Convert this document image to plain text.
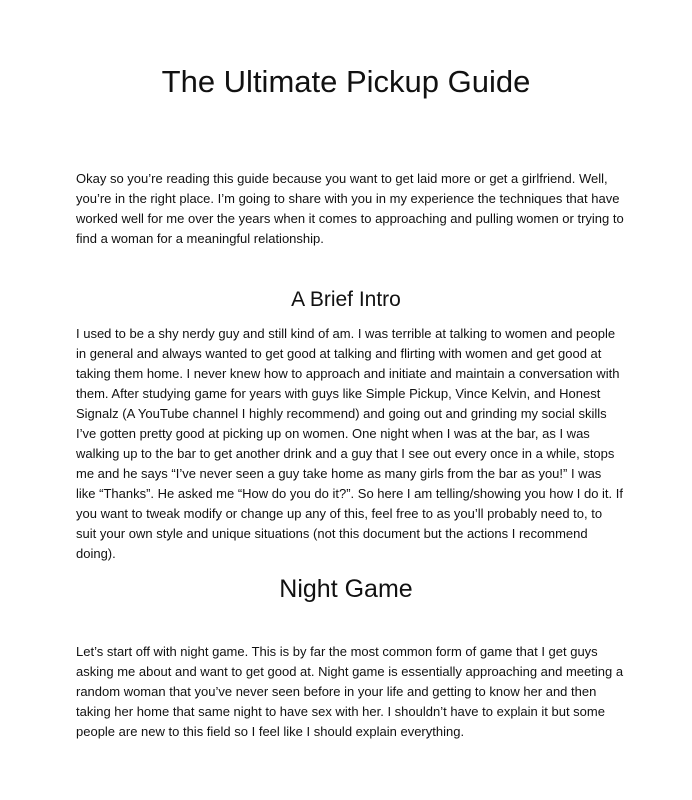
The Ultimate Pickup Guide

Okay so you’re reading this guide because you want to get laid more or get a girlfriend. Well, you’re in the right place. I’m going to share with you in my experience the techniques that have worked well for me over the years when it comes to approaching and pulling women or trying to find a woman for a meaningful relationship.

A Brief Intro

I used to be a shy nerdy guy and still kind of am. I was terrible at talking to women and people in general and always wanted to get good at talking and flirting with women and get good at taking them home. I never knew how to approach and initiate and maintain a conversation with them. After studying game for years with guys like Simple Pickup, Vince Kelvin, and Honest Signalz (A YouTube channel I highly recommend) and going out and grinding my social skills I’ve gotten pretty good at picking up on women. One night when I was at the bar, as I was walking up to the bar to get another drink and a guy that I see out every once in a while, stops me and he says “I’ve never seen a guy take home as many girls from the bar as you!” I was like “Thanks”. He asked me “How do you do it?”. So here I am telling/showing you how I do it. If you want to tweak modify or change up any of this, feel free to as you’ll probably need to, to suit your own style and unique situations (not this document but the actions I recommend doing).

Night Game

Let’s start off with night game. This is by far the most common form of game that I get guys asking me about and want to get good at. Night game is essentially approaching and meeting a random woman that you’ve never seen before in your life and getting to know her and then taking her home that same night to have sex with her. I shouldn’t have to explain it but some people are new to this field so I feel like I should explain everything.
